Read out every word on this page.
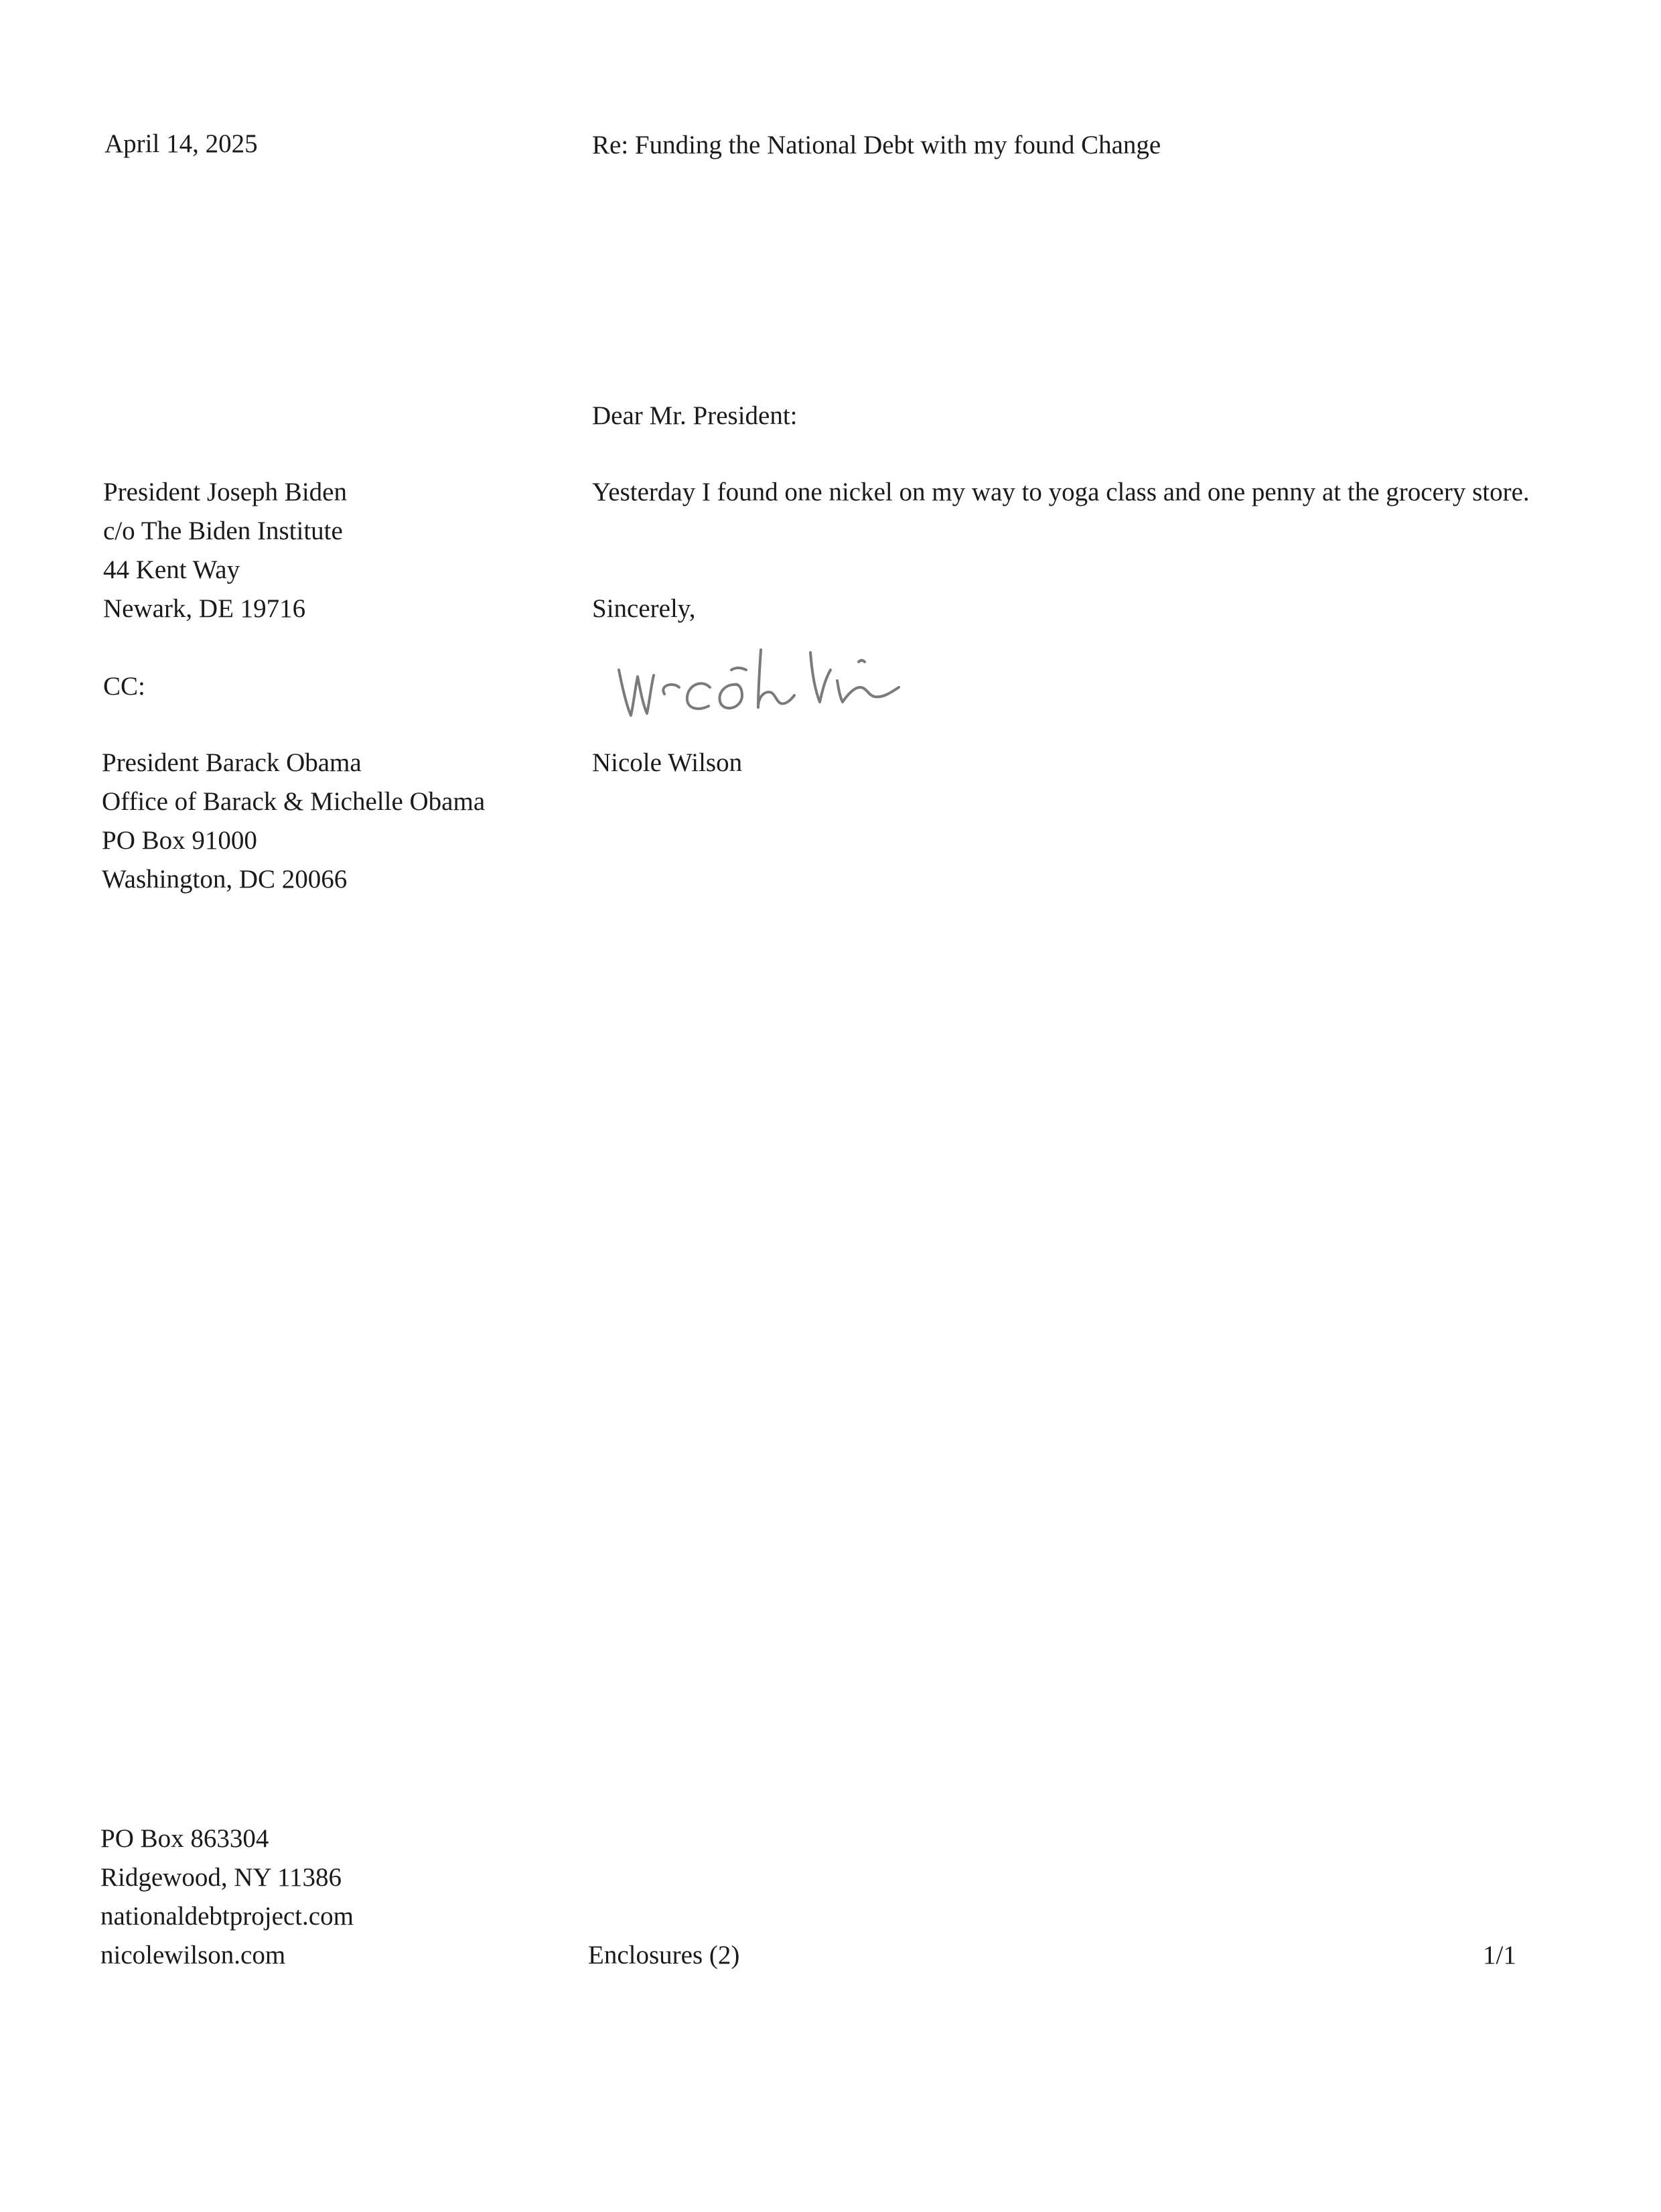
April 14, 2025	Re: Funding the National Debt with my found Change
Dear Mr. President:
President Joseph Biden
c/o The Biden Institute
44 Kent Way
Newark, DE 19716
Yesterday I found one nickel on my way to yoga class and one penny at the grocery store.
Sincerely,
CC:
Nicole Wilson
President Barack Obama
Office of Barack & Michelle Obama
PO Box 91000
Washington, DC 20066
PO Box 863304
Ridgewood, NY 11386
nationaldebtproject.com
nicolewilson.com	Enclosures (2)	1/1
